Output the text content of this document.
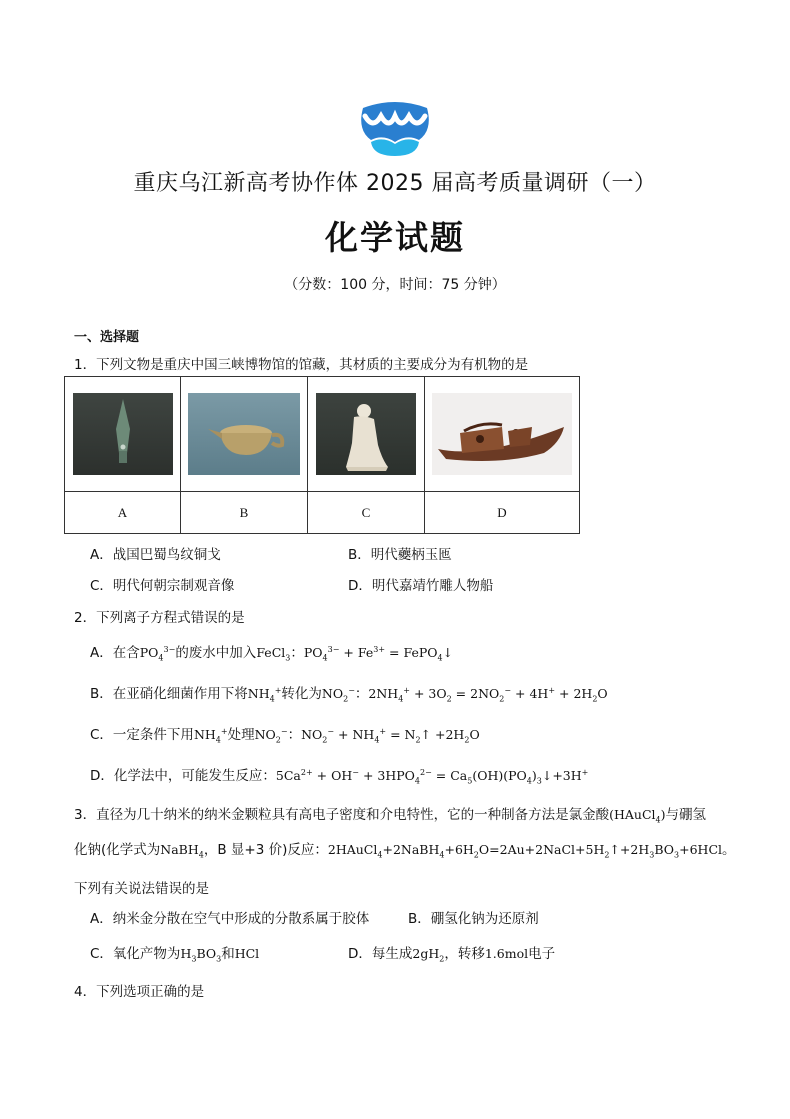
重庆乌江新高考协作体 2025 届高考质量调研（一）
化学试题
（分数：100 分，时间：75 分钟）
一、选择题
1．下列文物是重庆中国三峡博物馆的馆藏，其材质的主要成分为有机物的是

A	B	C	D
A．战国巴蜀鸟纹铜戈	B．明代虁柄玉匜
C．明代何朝宗制观音像	D．明代嘉靖竹雕人物船
2．下列离子方程式错误的是
A．在含$PO_4^{3-}$的废水中加入FeCl$_3$：$PO_4^{3-} + Fe^{3+}$ = FePO$_4$↓
B．在亚硝化细菌作用下将$NH_4^+$转化为$NO_2^-$：$2NH_4^+ + 3O_2 = 2NO_2^- + 4H^+ + 2H_2O$
C．一定条件下用$NH_4^+$处理$NO_2^-$：$NO_2^- + NH_4^+$ = $N_2↑ +2H_2O$
D．化学法中，可能发生反应：$5Ca^{2+} + OH^- + 3HPO_4^{2-}$ = $Ca_5(OH)(PO_4)_3↓+3H^+$
3．直径为几十纳米的纳米金颗粒具有高电子密度和介电特性，它的一种制备方法是氯金酸(HAuCl$_4$)与硼氢
化钠(化学式为NaBH$_4$，B 显+3 价)反应：$2HAuCl_4+2NaBH_4+6H_2O=2Au+2NaCl+5H_2↑+2H_3BO_3+6HCl$。
下列有关说法错误的是
A．纳米金分散在空气中形成的分散系属于胶体	B．硼氢化钠为还原剂
C．氧化产物为$H_3BO_3$和HCl	D．每生成$2gH_2$，转移1.6mol电子
4．下列选项正确的是
